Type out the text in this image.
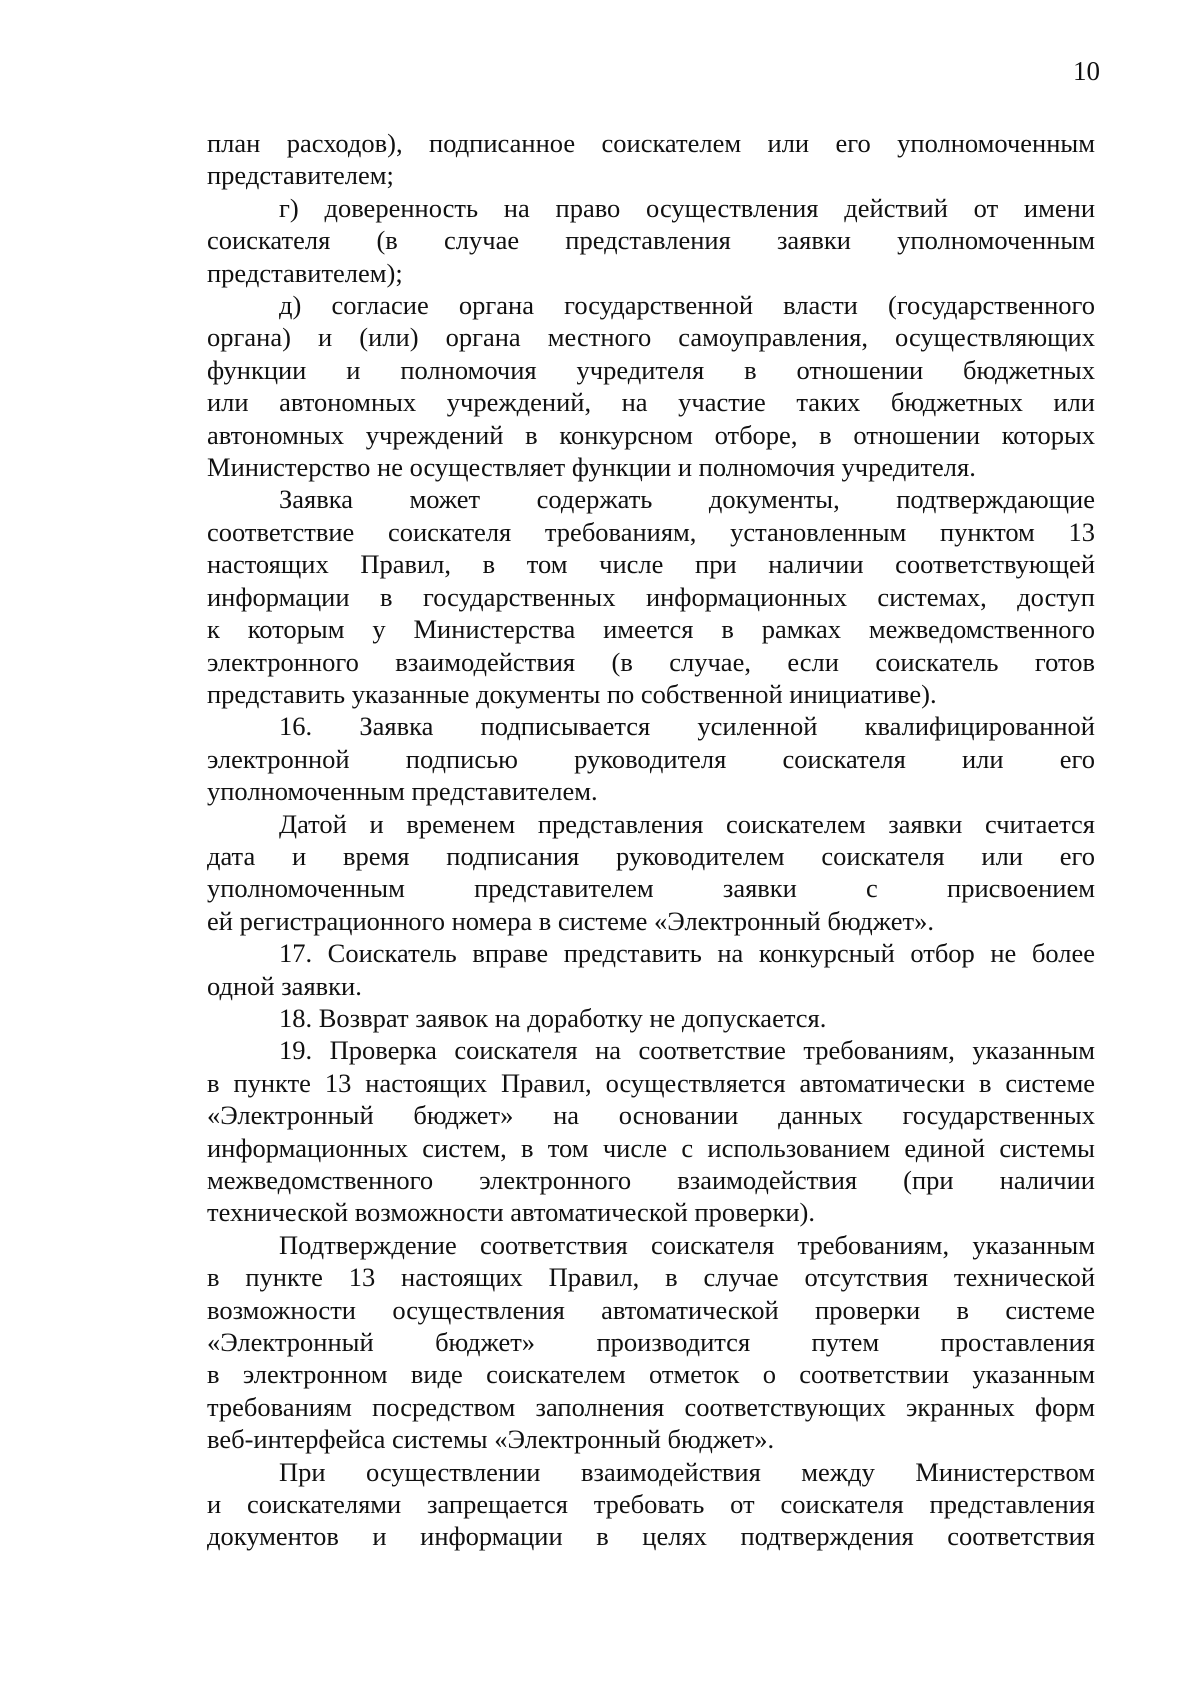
10

план расходов), подписанное соискателем или его уполномоченным
представителем;

г) доверенность на право осуществления действий от имени
соискателя (в случае представления заявки уполномоченным
представителем);

д) согласие органа государственной власти (государственного
органа) и (или) органа местного самоуправления, осуществляющих
функции и полномочия учредителя в отношении бюджетных
или автономных учреждений, на участие таких бюджетных или
автономных учреждений в конкурсном отборе, в отношении которых
Министерство не осуществляет функции и полномочия учредителя.

Заявка может содержать документы, подтверждающие
соответствие соискателя требованиям, установленным пунктом 13
настоящих Правил, в том числе при наличии соответствующей
информации в государственных информационных системах, доступ
к которым у Министерства имеется в рамках межведомственного
электронного взаимодействия (в случае, если соискатель готов
представить указанные документы по собственной инициативе).

16. Заявка подписывается усиленной квалифицированной
электронной подписью руководителя соискателя или его
уполномоченным представителем.

Датой и временем представления соискателем заявки считается
дата и время подписания руководителем соискателя или его
уполномоченным представителем заявки с присвоением
ей регистрационного номера в системе «Электронный бюджет».

17. Соискатель вправе представить на конкурсный отбор не более
одной заявки.

18. Возврат заявок на доработку не допускается.

19. Проверка соискателя на соответствие требованиям, указанным
в пункте 13 настоящих Правил, осуществляется автоматически в системе
«Электронный бюджет» на основании данных государственных
информационных систем, в том числе с использованием единой системы
межведомственного электронного взаимодействия (при наличии
технической возможности автоматической проверки).

Подтверждение соответствия соискателя требованиям, указанным
в пункте 13 настоящих Правил, в случае отсутствия технической
возможности осуществления автоматической проверки в системе
«Электронный бюджет» производится путем проставления
в электронном виде соискателем отметок о соответствии указанным
требованиям посредством заполнения соответствующих экранных форм
веб-интерфейса системы «Электронный бюджет».

При осуществлении взаимодействия между Министерством
и соискателями запрещается требовать от соискателя представления
документов и информации в целях подтверждения соответствия
